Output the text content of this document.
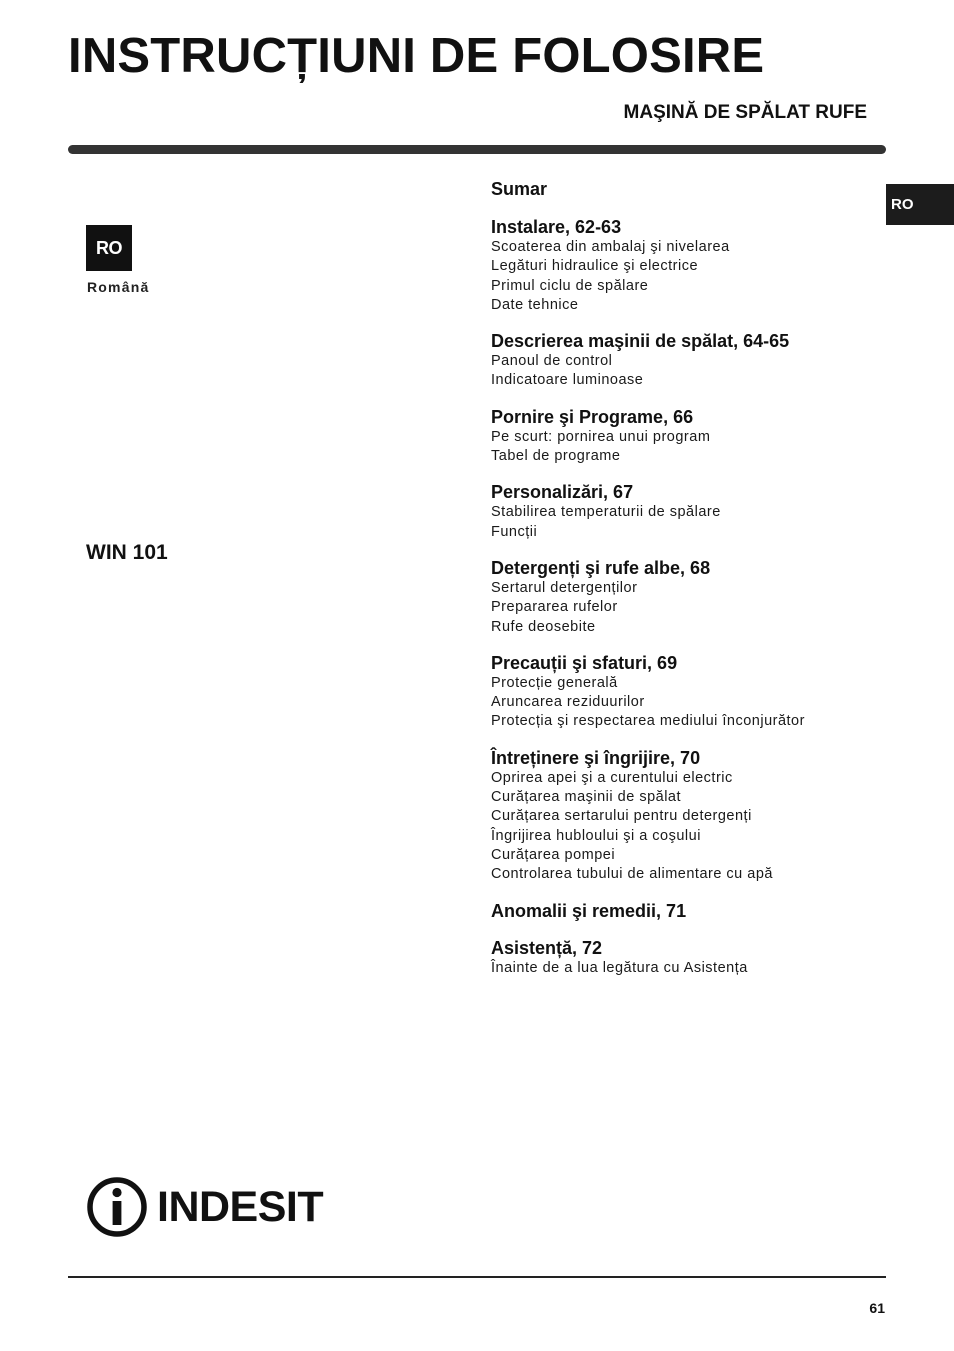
INSTRUCȚIUNI DE FOLOSIRE
MAŞINĂ DE SPĂLAT RUFE
RO
RO
Română
WIN 101
Sumar
Instalare, 62-63
Scoaterea din ambalaj şi nivelarea
Legături hidraulice şi electrice
Primul ciclu de spălare
Date tehnice
Descrierea maşinii de spălat, 64-65
Panoul de control
Indicatoare luminoase
Pornire şi Programe, 66
Pe scurt: pornirea unui program
Tabel de programe
Personalizări, 67
Stabilirea temperaturii de spălare
Funcții
Detergenți şi rufe albe, 68
Sertarul detergenților
Prepararea rufelor
Rufe deosebite
Precauții şi sfaturi, 69
Protecție generală
Aruncarea reziduurilor
Protecția şi respectarea mediului înconjurător
Întreținere şi îngrijire, 70
Oprirea apei şi a curentului electric
Curățarea maşinii de spălat
Curățarea sertarului pentru detergenți
Îngrijirea hubloului şi a coşului
Curățarea pompei
Controlarea tubului de alimentare cu apă
Anomalii şi remedii, 71
Asistență, 72
Înainte de a lua legătura cu Asistența
INDESIT
61
